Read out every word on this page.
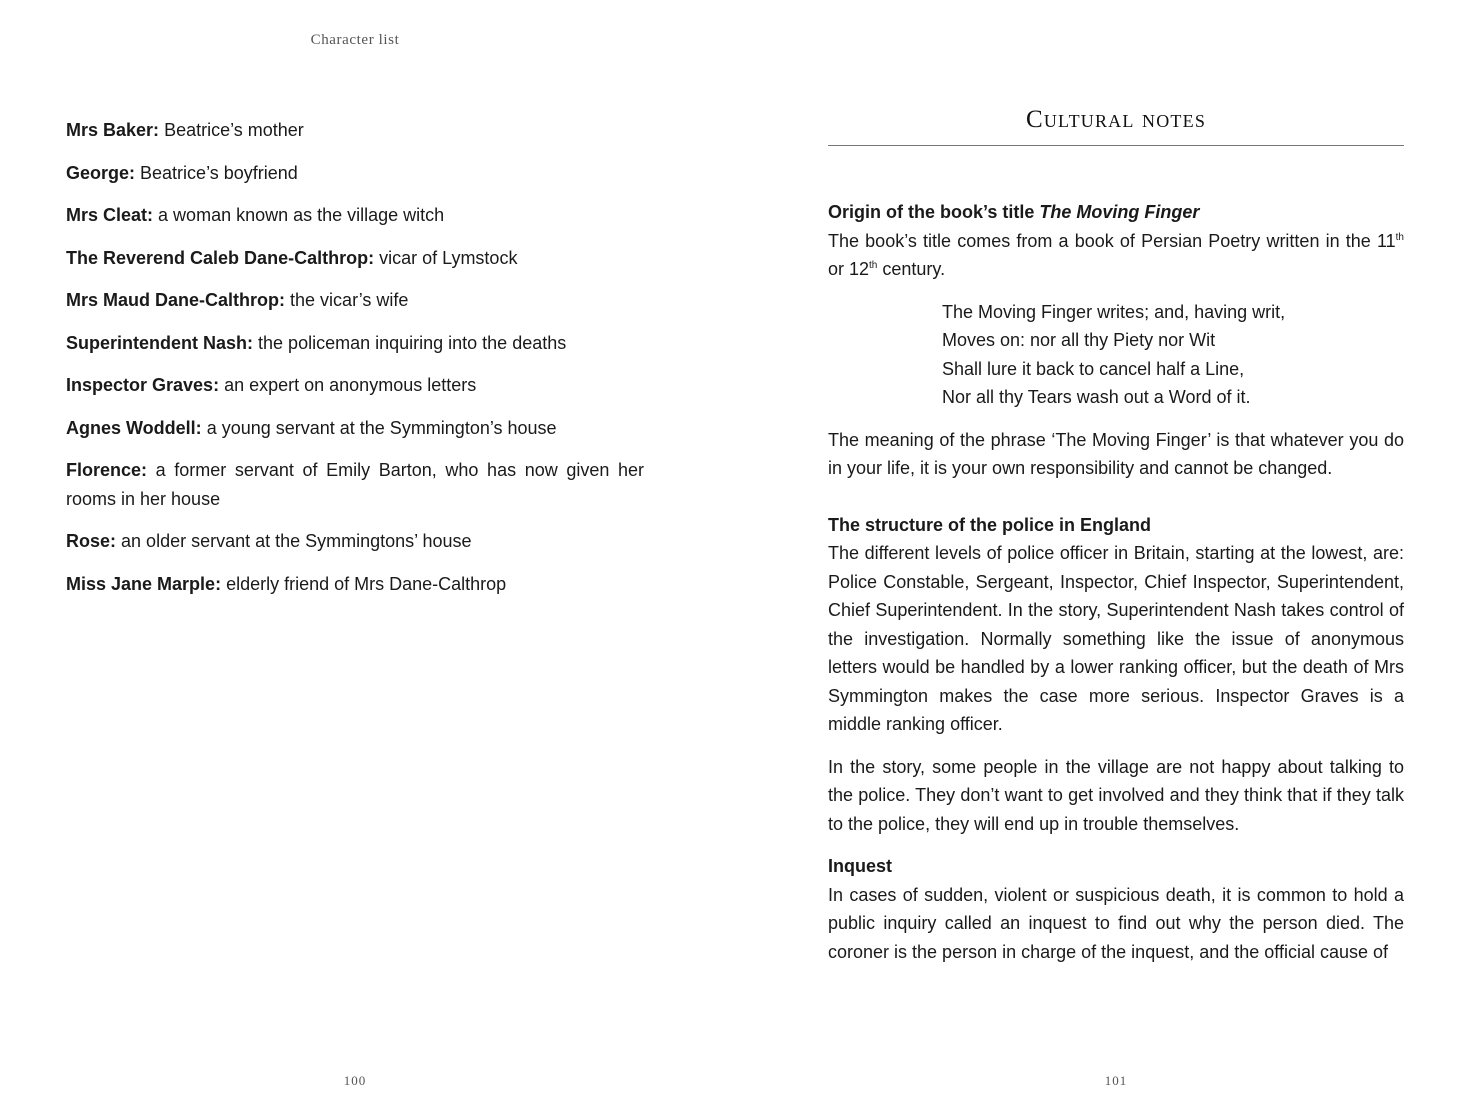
Character list
Mrs Baker: Beatrice’s mother
George: Beatrice’s boyfriend
Mrs Cleat: a woman known as the village witch
The Reverend Caleb Dane-Calthrop: vicar of Lymstock
Mrs Maud Dane-Calthrop: the vicar’s wife
Superintendent Nash: the policeman inquiring into the deaths
Inspector Graves: an expert on anonymous letters
Agnes Woddell: a young servant at the Symmington’s house
Florence: a former servant of Emily Barton, who has now given her rooms in her house
Rose: an older servant at the Symmingtons’ house
Miss Jane Marple: elderly friend of Mrs Dane-Calthrop
100
Cultural notes

Origin of the book’s title The Moving Finger

The book’s title comes from a book of Persian Poetry written in the 11th or 12th century.

The Moving Finger writes; and, having writ,
Moves on: nor all thy Piety nor Wit
Shall lure it back to cancel half a Line,
Nor all thy Tears wash out a Word of it.

The meaning of the phrase ‘The Moving Finger’ is that whatever you do in your life, it is your own responsibility and cannot be changed.

The structure of the police in England

The different levels of police officer in Britain, starting at the lowest, are: Police Constable, Sergeant, Inspector, Chief Inspector, Superintendent, Chief Superintendent. In the story, Superintendent Nash takes control of the investigation. Normally something like the issue of anonymous letters would be handled by a lower ranking officer, but the death of Mrs Symmington makes the case more serious. Inspector Graves is a middle ranking officer.

In the story, some people in the village are not happy about talking to the police. They don’t want to get involved and they think that if they talk to the police, they will end up in trouble themselves.

Inquest

In cases of sudden, violent or suspicious death, it is common to hold a public inquiry called an inquest to find out why the person died. The coroner is the person in charge of the inquest, and the official cause of

101
